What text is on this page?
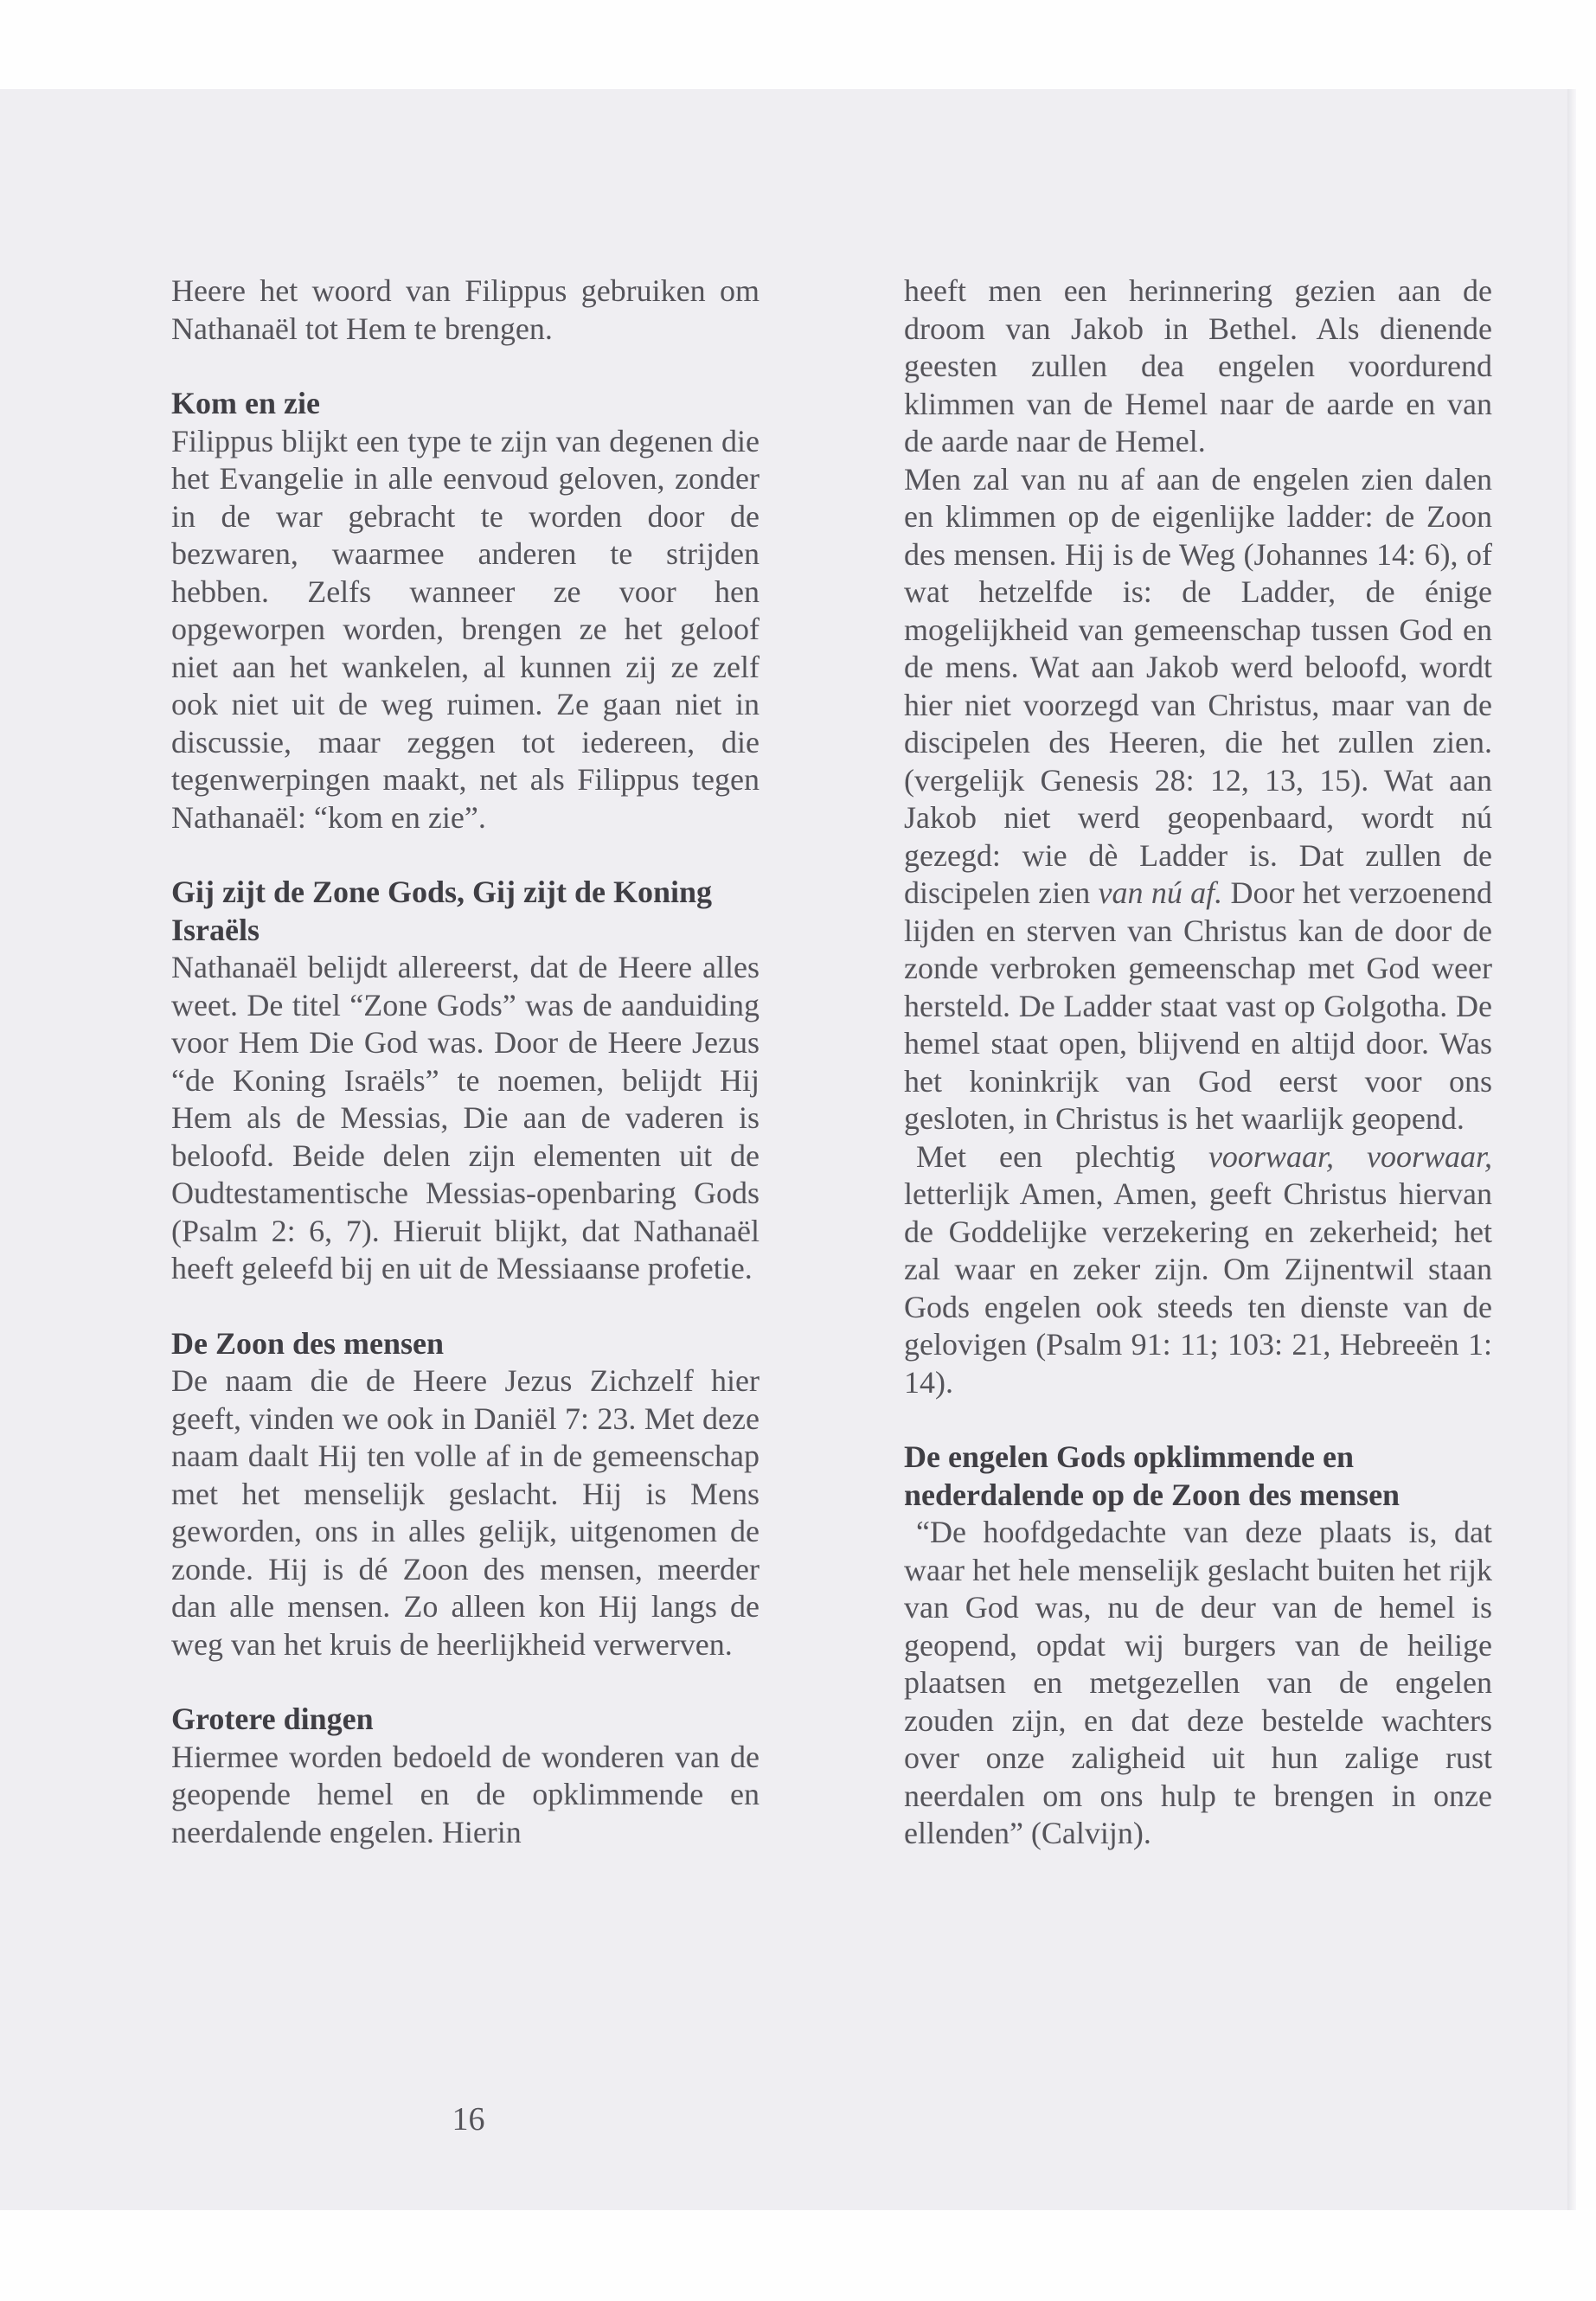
Heere het woord van Filippus gebruiken om Nathanaël tot Hem te brengen.

Kom en zie

Filippus blijkt een type te zijn van degenen die het Evangelie in alle eenvoud geloven, zonder in de war gebracht te worden door de bezwaren, waarmee anderen te strijden hebben. Zelfs wanneer ze voor hen opgeworpen worden, brengen ze het geloof niet aan het wankelen, al kunnen zij ze zelf ook niet uit de weg ruimen. Ze gaan niet in discussie, maar zeggen tot iedereen, die tegenwerpingen maakt, net als Filippus tegen Nathanaël: “kom en zie”.

Gij zijt de Zone Gods, Gij zijt de Koning Israëls

Nathanaël belijdt allereerst, dat de Heere alles weet. De titel “Zone Gods” was de aanduiding voor Hem Die God was. Door de Heere Jezus “de Koning Israëls” te noemen, belijdt Hij Hem als de Messias, Die aan de vaderen is beloofd. Beide delen zijn elementen uit de Oudtestamentische Messias-openbaring Gods (Psalm 2: 6, 7). Hieruit blijkt, dat Nathanaël heeft geleefd bij en uit de Messiaanse profetie.

De Zoon des mensen

De naam die de Heere Jezus Zichzelf hier geeft, vinden we ook in Daniël 7: 23. Met deze naam daalt Hij ten volle af in de gemeenschap met het menselijk geslacht. Hij is Mens geworden, ons in alles gelijk, uitgenomen de zonde. Hij is dé Zoon des mensen, meerder dan alle mensen. Zo alleen kon Hij langs de weg van het kruis de heerlijkheid verwerven.

Grotere dingen

Hiermee worden bedoeld de wonderen van de geopende hemel en de opklimmende en neerdalende engelen. Hierin

heeft men een herinnering gezien aan de droom van Jakob in Bethel. Als dienende geesten zullen dea engelen voordurend klimmen van de Hemel naar de aarde en van de aarde naar de Hemel.

Men zal van nu af aan de engelen zien dalen en klimmen op de eigenlijke ladder: de Zoon des mensen. Hij is de Weg (Johannes 14: 6), of wat hetzelfde is: de Ladder, de énige mogelijkheid van gemeenschap tussen God en de mens. Wat aan Jakob werd beloofd, wordt hier niet voorzegd van Christus, maar van de discipelen des Heeren, die het zullen zien. (vergelijk Genesis 28: 12, 13, 15). Wat aan Jakob niet werd geopenbaard, wordt nú gezegd: wie dè Ladder is. Dat zullen de discipelen zien van nú af. Door het verzoenend lijden en sterven van Christus kan de door de zonde verbroken gemeenschap met God weer hersteld. De Ladder staat vast op Golgotha. De hemel staat open, blijvend en altijd door. Was het koninkrijk van God eerst voor ons gesloten, in Christus is het waarlijk geopend.

Met een plechtig voorwaar, voorwaar, letterlijk Amen, Amen, geeft Christus hiervan de Goddelijke verzekering en zekerheid; het zal waar en zeker zijn. Om Zijnentwil staan Gods engelen ook steeds ten dienste van de gelovigen (Psalm 91: 11; 103: 21, Hebreeën 1: 14).

De engelen Gods opklimmende en nederdalende op de Zoon des mensen

“De hoofdgedachte van deze plaats is, dat waar het hele menselijk geslacht buiten het rijk van God was, nu de deur van de hemel is geopend, opdat wij burgers van de heilige plaatsen en metgezellen van de engelen zouden zijn, en dat deze bestelde wachters over onze zaligheid uit hun zalige rust neerdalen om ons hulp te brengen in onze ellenden” (Calvijn).

16
